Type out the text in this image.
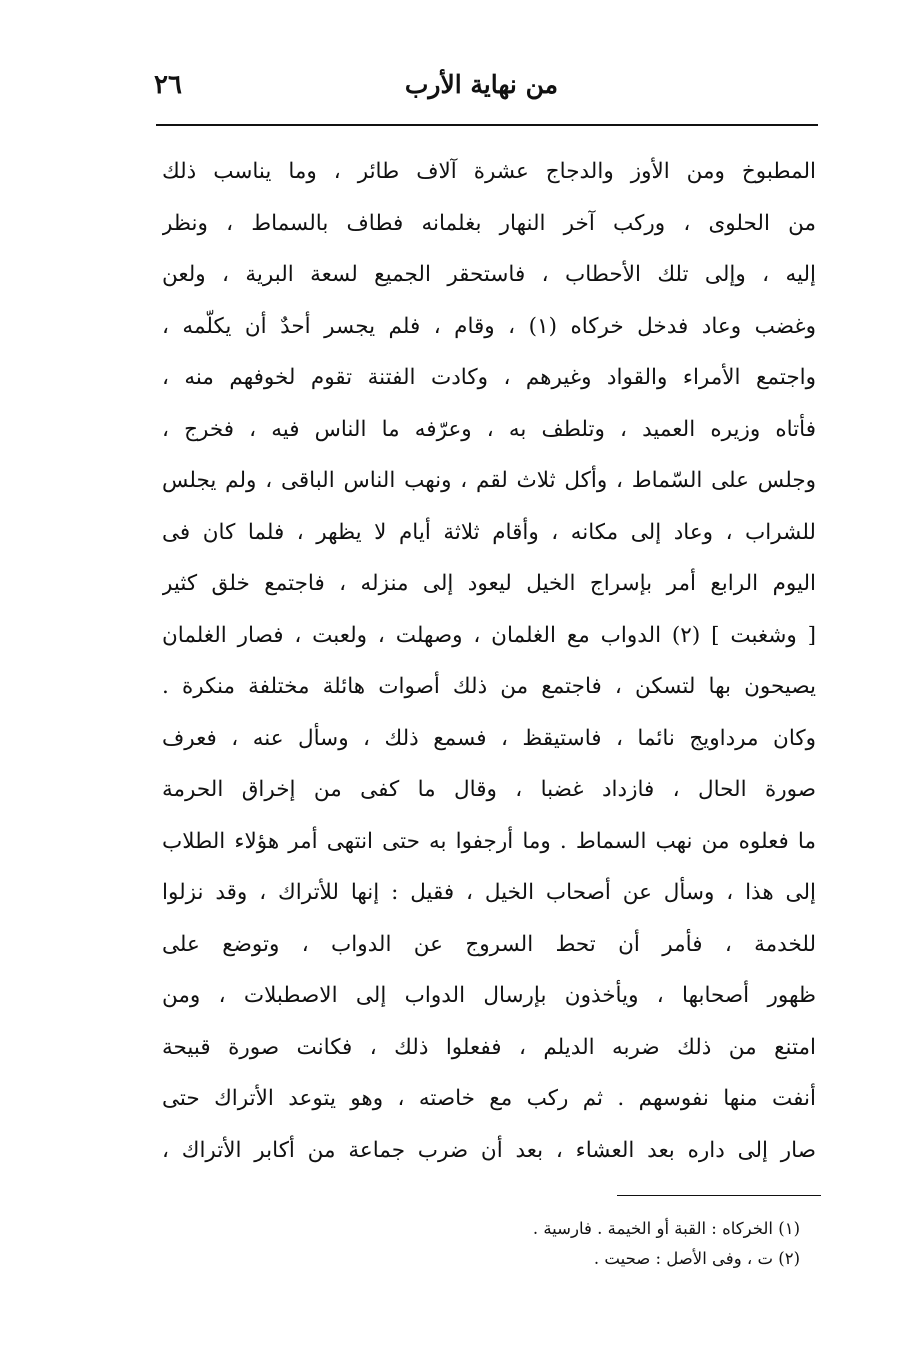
من نهاية الأرب
٢٦
المطبوخ ومن الأوز والدجاج عشرة آلاف طائر ، وما يناسب ذلك
من الحلوى ، وركب آخر النهار بغلمانه فطاف بالسماط ، ونظر
إليه ، وإلى تلك الأحطاب ، فاستحقر الجميع لسعة البرية ، ولعن
وغضب وعاد فدخل خركاه (١) ، وقام ، فلم يجسر أحدٌ أن يكلّمه ،
واجتمع الأمراء والقواد وغيرهم ، وكادت الفتنة تقوم لخوفهم منه ،
فأتاه وزيره العميد ، وتلطف به ، وعرّفه ما الناس فيه ، فخرج ،
وجلس على السّماط ، وأكل ثلاث لقم ، ونهب الناس الباقى ، ولم يجلس
للشراب ، وعاد إلى مكانه ، وأقام ثلاثة أيام لا يظهر ، فلما كان فى
اليوم الرابع أمر بإسراج الخيل ليعود إلى منزله ، فاجتمع خلق كثير
[ وشغبت ] (٢) الدواب مع الغلمان ، وصهلت ، ولعبت ، فصار الغلمان
يصيحون بها لتسكن ، فاجتمع من ذلك أصوات هائلة مختلفة منكرة .
وكان مرداويج نائما ، فاستيقظ ، فسمع ذلك ، وسأل عنه ، فعرف
صورة الحال ، فازداد غضبا ، وقال ما كفى من إخراق الحرمة
ما فعلوه من نهب السماط . وما أرجفوا به حتى انتهى أمر هؤلاء الطلاب
إلى هذا ، وسأل عن أصحاب الخيل ، فقيل : إنها للأتراك ، وقد نزلوا
للخدمة ، فأمر أن تحط السروج عن الدواب ، وتوضع على
ظهور أصحابها ، ويأخذون بإرسال الدواب إلى الاصطبلات ، ومن
امتنع من ذلك ضربه الديلم ، ففعلوا ذلك ، فكانت صورة قبيحة
أنفت منها نفوسهم . ثم ركب مع خاصته ، وهو يتوعد الأتراك حتى
صار إلى داره بعد العشاء ، بعد أن ضرب جماعة من أكابر الأتراك ،
(١) الخركاه : القبة أو الخيمة . فارسية .
(٢) ت ، وفى الأصل : صحيت .
